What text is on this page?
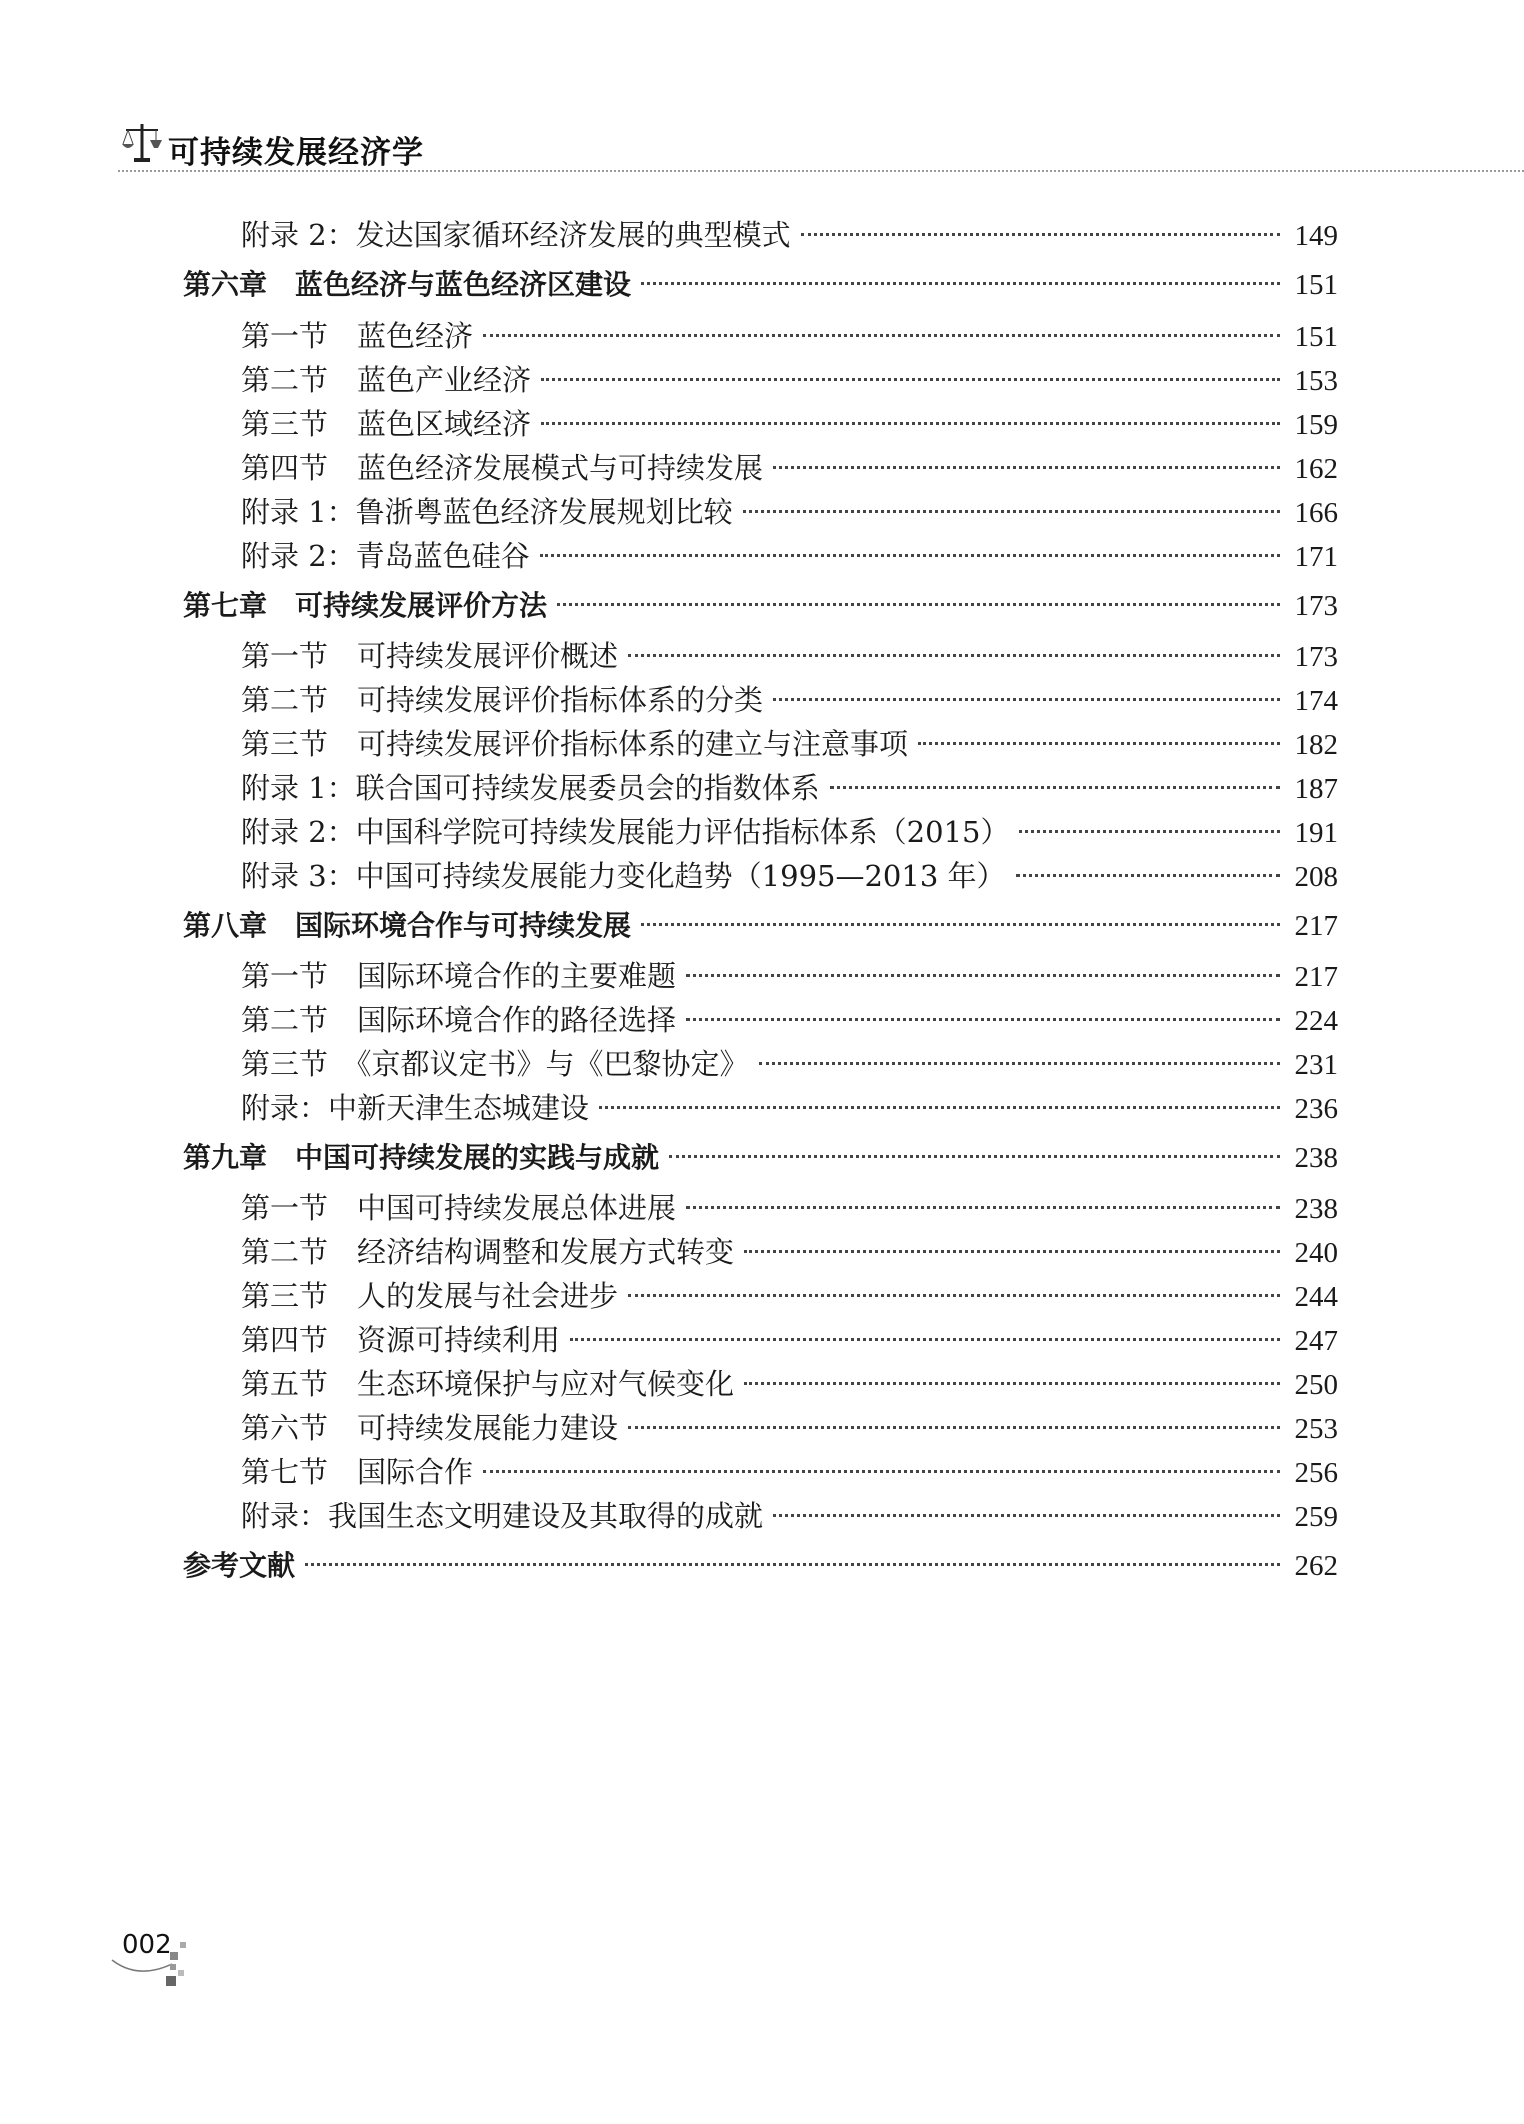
可持续发展经济学
附录 2：发达国家循环经济发展的典型模式	149
第六章　蓝色经济与蓝色经济区建设	151
第一节　蓝色经济	151
第二节　蓝色产业经济	153
第三节　蓝色区域经济	159
第四节　蓝色经济发展模式与可持续发展	162
附录 1：鲁浙粤蓝色经济发展规划比较	166
附录 2：青岛蓝色硅谷	171
第七章　可持续发展评价方法	173
第一节　可持续发展评价概述	173
第二节　可持续发展评价指标体系的分类	174
第三节　可持续发展评价指标体系的建立与注意事项	182
附录 1：联合国可持续发展委员会的指数体系	187
附录 2：中国科学院可持续发展能力评估指标体系（2015）	191
附录 3：中国可持续发展能力变化趋势（1995—2013 年）	208
第八章　国际环境合作与可持续发展	217
第一节　国际环境合作的主要难题	217
第二节　国际环境合作的路径选择	224
第三节　《京都议定书》与《巴黎协定》	231
附录：中新天津生态城建设	236
第九章　中国可持续发展的实践与成就	238
第一节　中国可持续发展总体进展	238
第二节　经济结构调整和发展方式转变	240
第三节　人的发展与社会进步	244
第四节　资源可持续利用	247
第五节　生态环境保护与应对气候变化	250
第六节　可持续发展能力建设	253
第七节　国际合作	256
附录：我国生态文明建设及其取得的成就	259
参考文献	262
002
